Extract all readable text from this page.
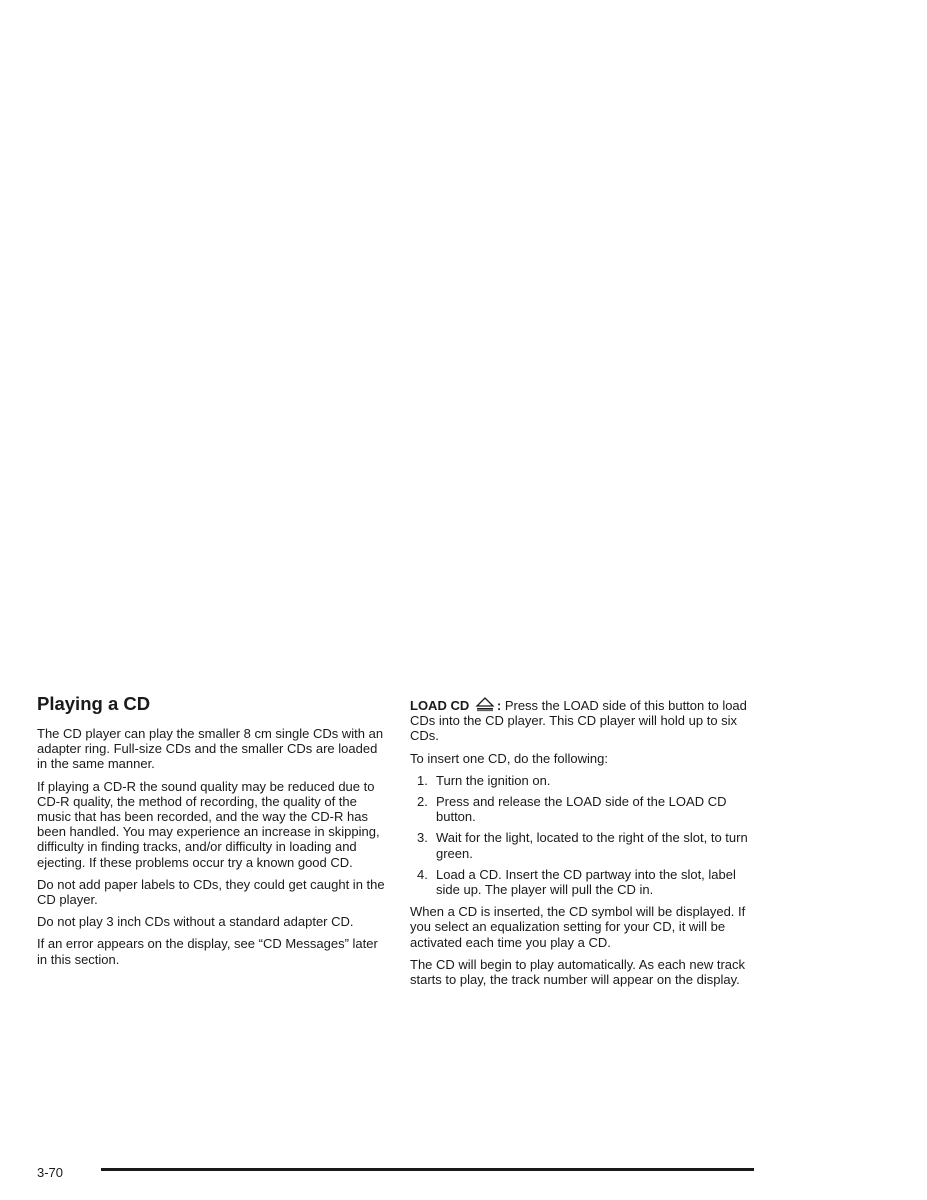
Playing a CD

The CD player can play the smaller 8 cm single CDs with an adapter ring. Full-size CDs and the smaller CDs are loaded in the same manner.

If playing a CD-R the sound quality may be reduced due to CD-R quality, the method of recording, the quality of the music that has been recorded, and the way the CD-R has been handled. You may experience an increase in skipping, difficulty in finding tracks, and/or difficulty in loading and ejecting. If these problems occur try a known good CD.

Do not add paper labels to CDs, they could get caught in the CD player.

Do not play 3 inch CDs without a standard adapter CD.

If an error appears on the display, see “CD Messages” later in this section.

LOAD CD : Press the LOAD side of this button to load CDs into the CD player. This CD player will hold up to six CDs.

To insert one CD, do the following:

1. Turn the ignition on.
2. Press and release the LOAD side of the LOAD CD button.
3. Wait for the light, located to the right of the slot, to turn green.
4. Load a CD. Insert the CD partway into the slot, label side up. The player will pull the CD in.

When a CD is inserted, the CD symbol will be displayed. If you select an equalization setting for your CD, it will be activated each time you play a CD.

The CD will begin to play automatically. As each new track starts to play, the track number will appear on the display.

3-70
